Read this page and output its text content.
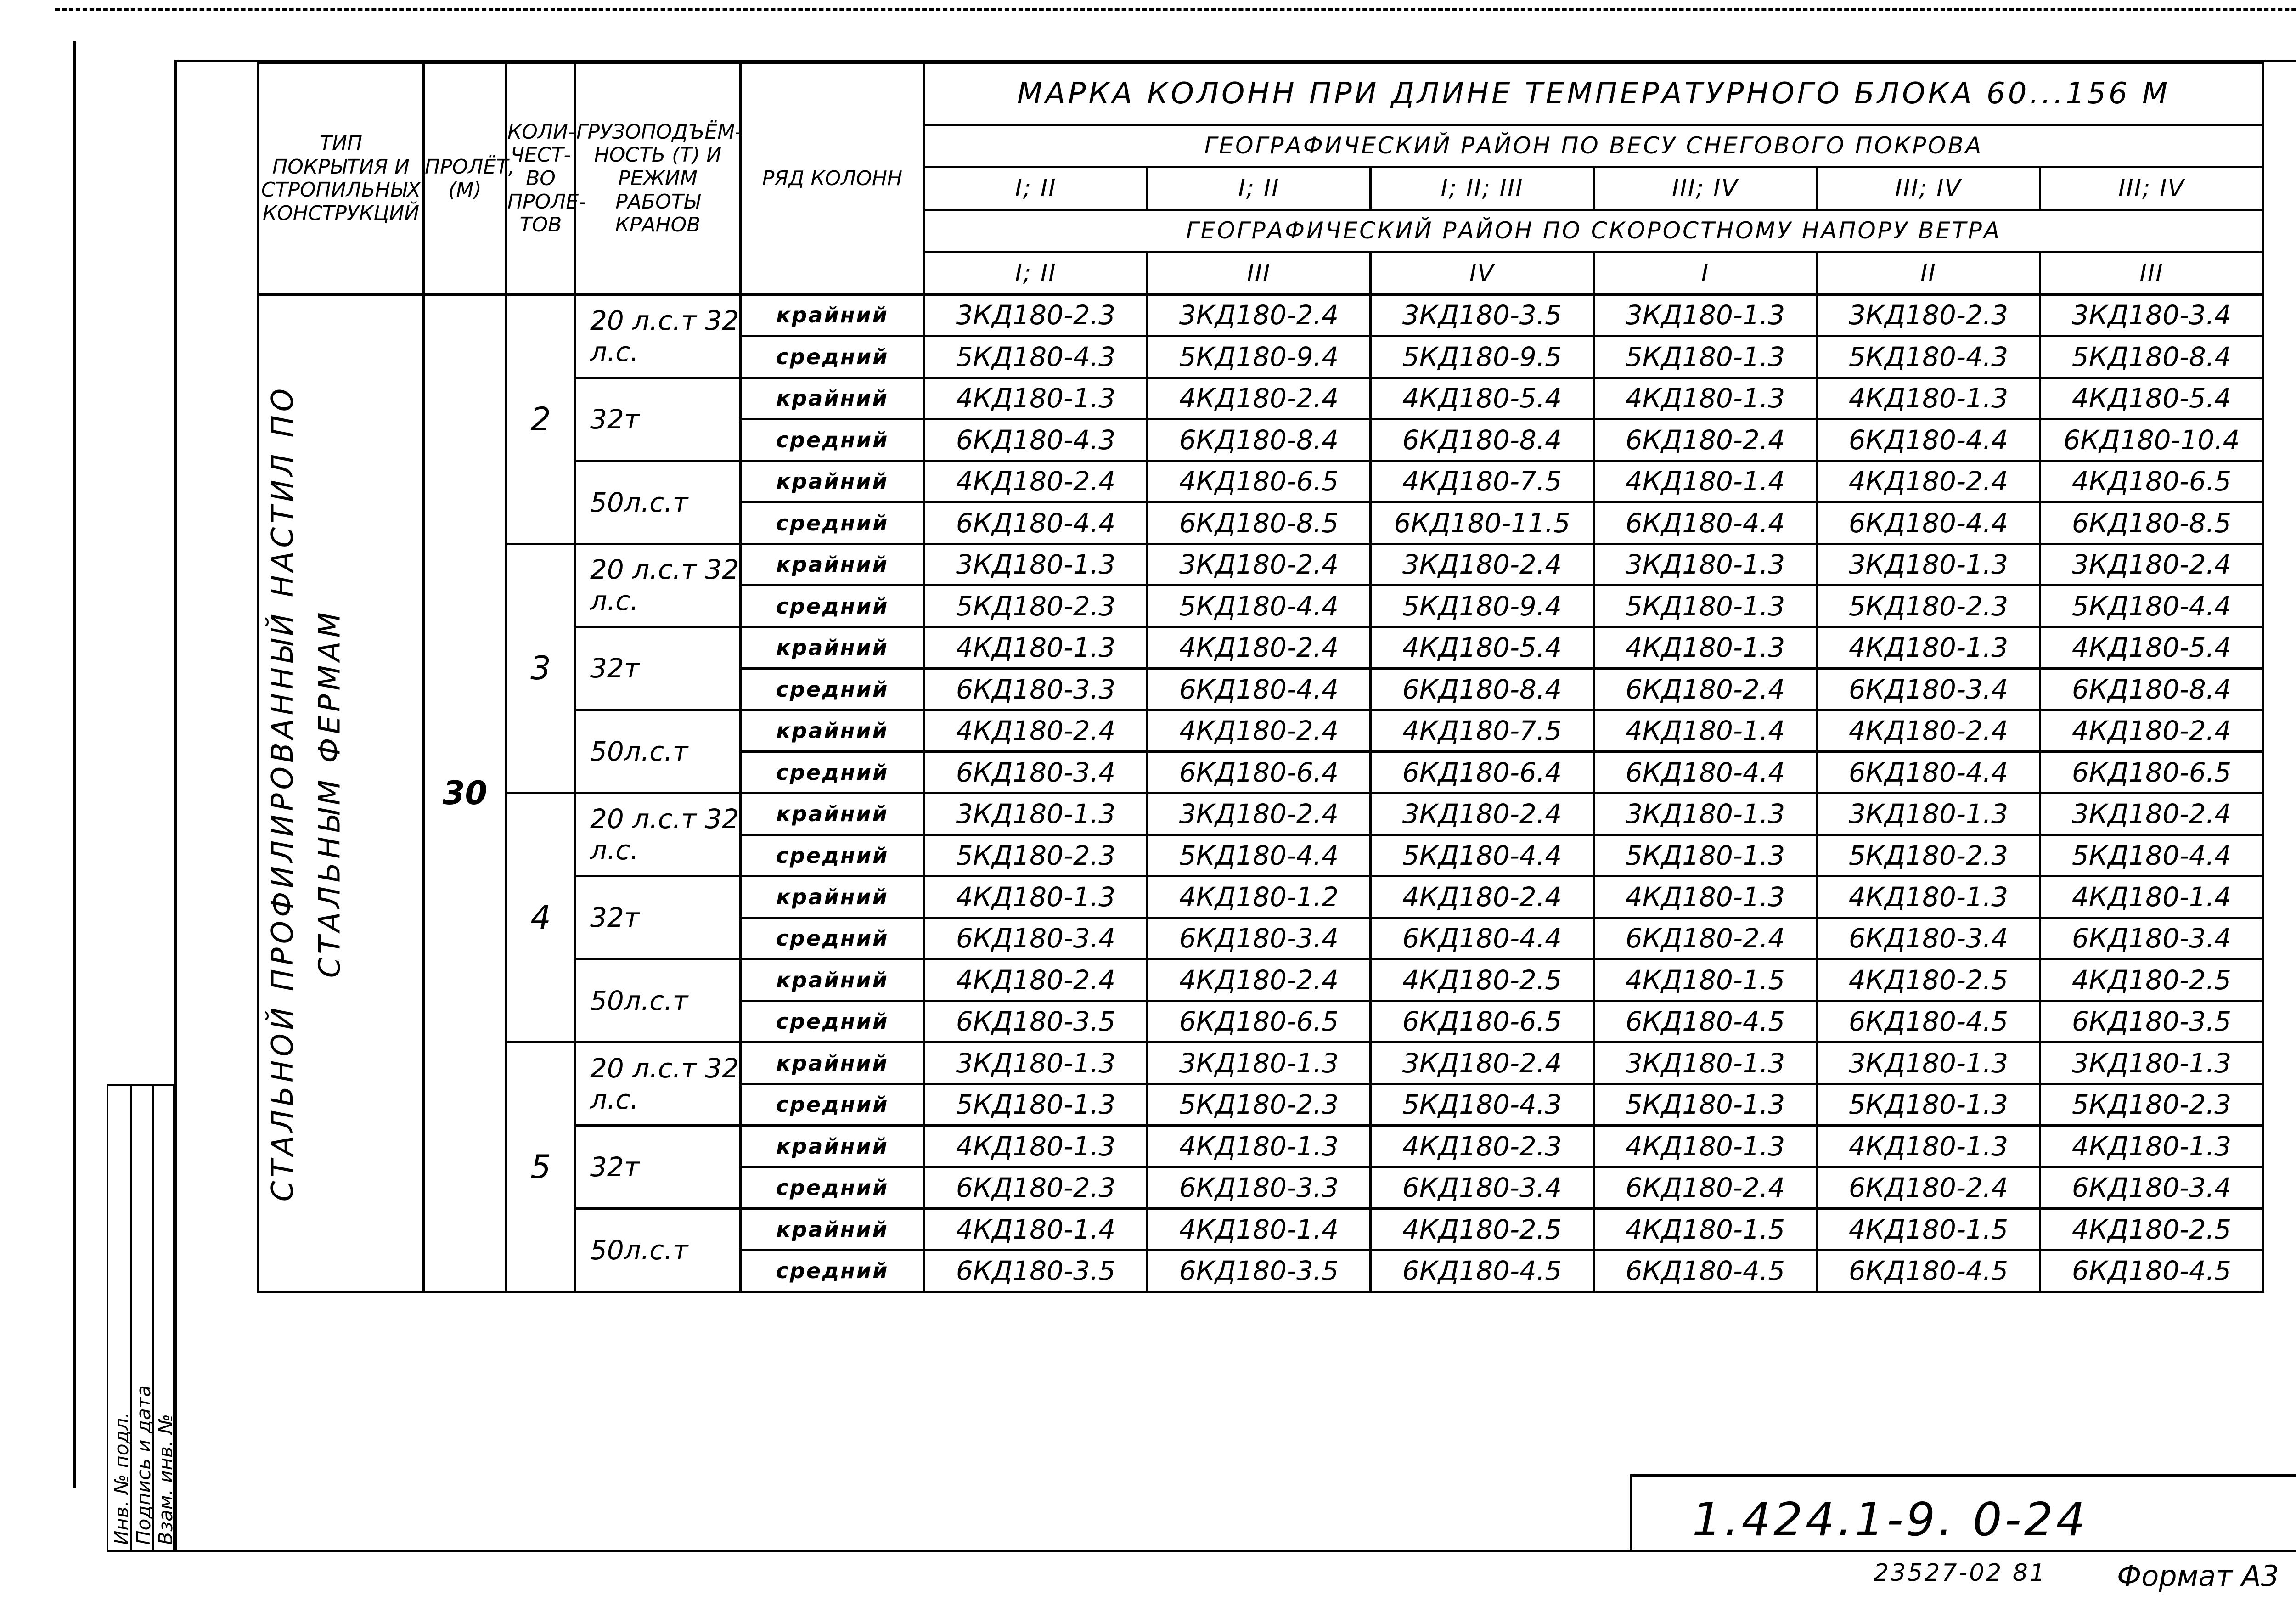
Инв. № подл. Подпись и дата Взам. инв. №
ТИП ПОКРЫТИЯ И СТРОПИЛЬНЫХ КОНСТРУКЦИЙ	ПРОЛЁТ, (М)	КОЛИ-ЧЕСТ-ВО ПРОЛЕ-ТОВ	ГРУЗОПОДЪЁМ-НОСТЬ (Т) И РЕЖИМ РАБОТЫ КРАНОВ	РЯД КОЛОНН	МАРКА КОЛОНН ПРИ ДЛИНЕ ТЕМПЕРАТУРНОГО БЛОКА 60...156 М					
					ГЕОГРАФИЧЕСКИЙ РАЙОН ПО ВЕСУ СНЕГОВОГО ПОКРОВА					
					I; II	I; II	I; II; III	III; IV	III; IV	III; IV
					ГЕОГРАФИЧЕСКИЙ РАЙОН ПО СКОРОСТНОМУ НАПОРУ ВЕТРА					
					I; II	III	IV	I	II	III

СТАЛЬНОЙ ПРОФИЛИРОВАННЫЙ НАСТИЛ ПО СТАЛЬНЫМ ФЕРМАМ	30	2	20 л.с.т 32 л.с.	крайний	3КД180-2.3	3КД180-2.4	3КД180-3.5	3КД180-1.3	3КД180-2.3	3КД180-3.4
				средний	5КД180-4.3	5КД180-9.4	5КД180-9.5	5КД180-1.3	5КД180-4.3	5КД180-8.4
			32т	крайний	4КД180-1.3	4КД180-2.4	4КД180-5.4	4КД180-1.3	4КД180-1.3	4КД180-5.4
				средний	6КД180-4.3	6КД180-8.4	6КД180-8.4	6КД180-2.4	6КД180-4.4	6КД180-10.4
			50л.с.т	крайний	4КД180-2.4	4КД180-6.5	4КД180-7.5	4КД180-1.4	4КД180-2.4	4КД180-6.5
				средний	6КД180-4.4	6КД180-8.5	6КД180-11.5	6КД180-4.4	6КД180-4.4	6КД180-8.5
		3	20 л.с.т 32 л.с.	крайний	3КД180-1.3	3КД180-2.4	3КД180-2.4	3КД180-1.3	3КД180-1.3	3КД180-2.4
				средний	5КД180-2.3	5КД180-4.4	5КД180-9.4	5КД180-1.3	5КД180-2.3	5КД180-4.4
			32т	крайний	4КД180-1.3	4КД180-2.4	4КД180-5.4	4КД180-1.3	4КД180-1.3	4КД180-5.4
				средний	6КД180-3.3	6КД180-4.4	6КД180-8.4	6КД180-2.4	6КД180-3.4	6КД180-8.4
			50л.с.т	крайний	4КД180-2.4	4КД180-2.4	4КД180-7.5	4КД180-1.4	4КД180-2.4	4КД180-2.4
				средний	6КД180-3.4	6КД180-6.4	6КД180-6.4	6КД180-4.4	6КД180-4.4	6КД180-6.5
		4	20 л.с.т 32 л.с.	крайний	3КД180-1.3	3КД180-2.4	3КД180-2.4	3КД180-1.3	3КД180-1.3	3КД180-2.4
				средний	5КД180-2.3	5КД180-4.4	5КД180-4.4	5КД180-1.3	5КД180-2.3	5КД180-4.4
			32т	крайний	4КД180-1.3	4КД180-1.2	4КД180-2.4	4КД180-1.3	4КД180-1.3	4КД180-1.4
				средний	6КД180-3.4	6КД180-3.4	6КД180-4.4	6КД180-2.4	6КД180-3.4	6КД180-3.4
			50л.с.т	крайний	4КД180-2.4	4КД180-2.4	4КД180-2.5	4КД180-1.5	4КД180-2.5	4КД180-2.5
				средний	6КД180-3.5	6КД180-6.5	6КД180-6.5	6КД180-4.5	6КД180-4.5	6КД180-3.5
		5	20 л.с.т 32 л.с.	крайний	3КД180-1.3	3КД180-1.3	3КД180-2.4	3КД180-1.3	3КД180-1.3	3КД180-1.3
				средний	5КД180-1.3	5КД180-2.3	5КД180-4.3	5КД180-1.3	5КД180-1.3	5КД180-2.3
			32т	крайний	4КД180-1.3	4КД180-1.3	4КД180-2.3	4КД180-1.3	4КД180-1.3	4КД180-1.3
				средний	6КД180-2.3	6КД180-3.3	6КД180-3.4	6КД180-2.4	6КД180-2.4	6КД180-3.4
			50л.с.т	крайний	4КД180-1.4	4КД180-1.4	4КД180-2.5	4КД180-1.5	4КД180-1.5	4КД180-2.5
				средний	6КД180-3.5	6КД180-3.5	6КД180-4.5	6КД180-4.5	6КД180-4.5	6КД180-4.5
1.424.1-9. 0-24
23527-02 81 Формат А3
